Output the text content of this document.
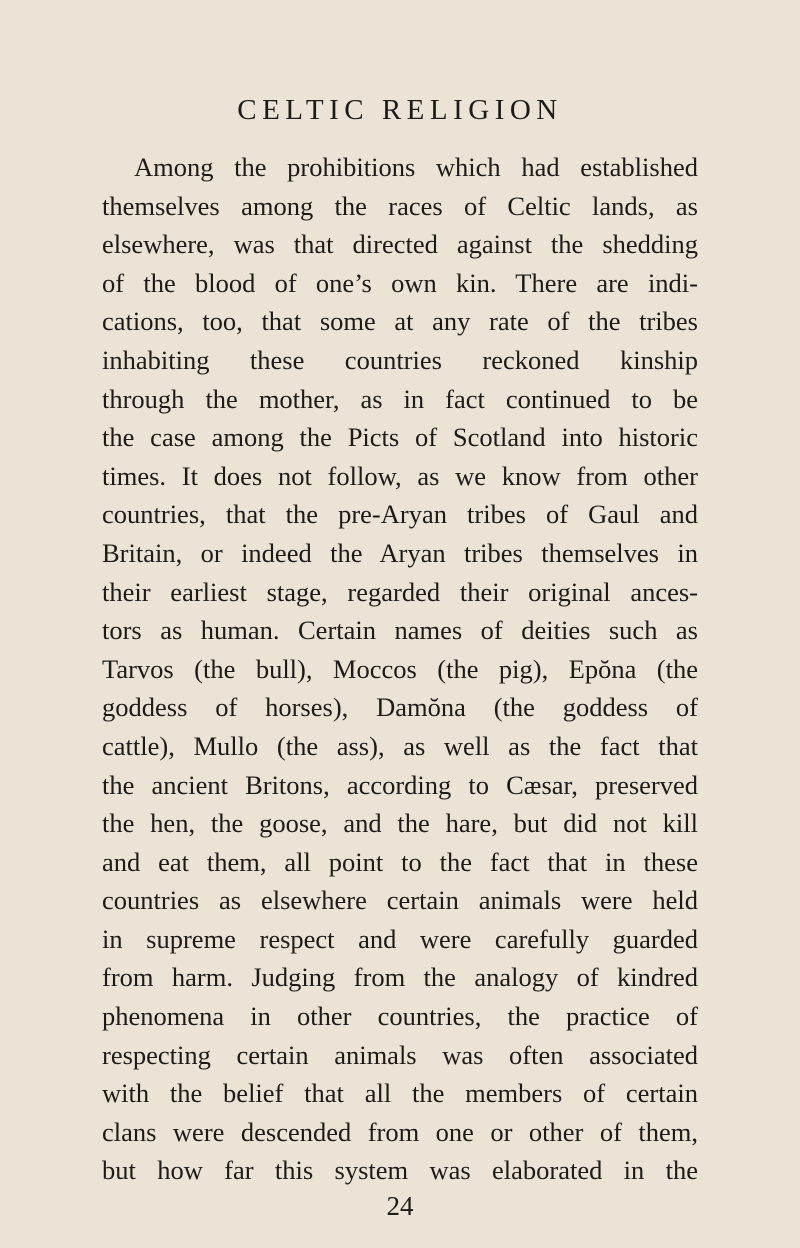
CELTIC RELIGION
Among the prohibitions which had established
themselves among the races of Celtic lands, as
elsewhere, was that directed against the shedding
of the blood of one’s own kin. There are indi-
cations, too, that some at any rate of the tribes
inhabiting these countries reckoned kinship
through the mother, as in fact continued to be
the case among the Picts of Scotland into historic
times. It does not follow, as we know from other
countries, that the pre-Aryan tribes of Gaul and
Britain, or indeed the Aryan tribes themselves in
their earliest stage, regarded their original ances-
tors as human. Certain names of deities such as
Tarvos (the bull), Moccos (the pig), Epŏna (the
goddess of horses), Damŏna (the goddess of
cattle), Mullo (the ass), as well as the fact that
the ancient Britons, according to Cæsar, preserved
the hen, the goose, and the hare, but did not kill
and eat them, all point to the fact that in these
countries as elsewhere certain animals were held
in supreme respect and were carefully guarded
from harm. Judging from the analogy of kindred
phenomena in other countries, the practice of
respecting certain animals was often associated
with the belief that all the members of certain
clans were descended from one or other of them,
but how far this system was elaborated in the
24
